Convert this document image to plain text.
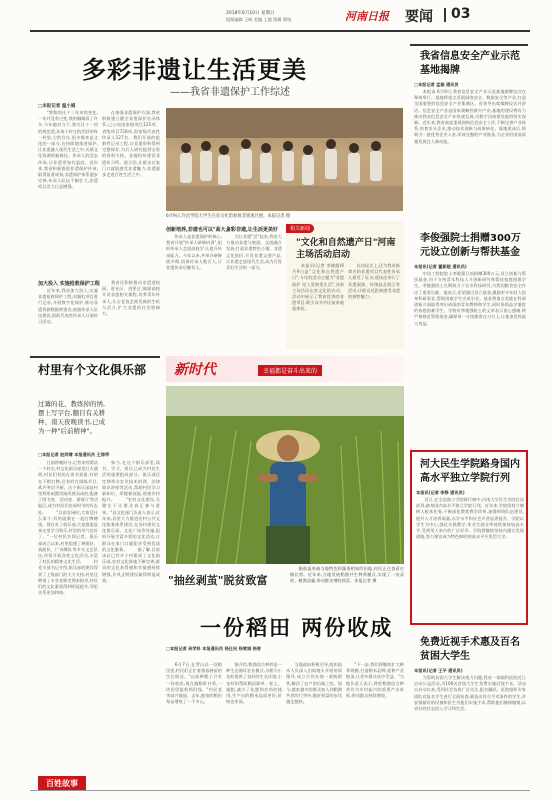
2018年6月10日 星期日
组版编辑 王萌 美编 王越 版辑 邢锐	河南日报 要闻 03
多彩非遗让生活更美
——我省非遗保护工作综述
□本报记者 温小娟
　　"我称的这十三年来的变化,一年并没有过变,我的眼睛看了许多,今年她对当下,我关注十一项的规范遗,从每个村庄的活跃的每一村里,它的存在,很多都来是文化的一部分,在持续地推进保护,让非遗融入现代生活之中,关联文化资源的新路径。传承人的活态传承,让非遗更加有温度。近年来,我省积极推进非遗保护传承,取得显著成效,非遗保护体系逐步完善,传承人队伍不断壮大,非遗项目活力日益增强。
　　在加强非遗保护方面,我省积极建立健全非遗保护名录体系,已公布国家级项目125项、省级项目728项,国家级代表性传承人127名。我们开展的抢救性记录工程,让非遗资料得到完整保存,为后人研究提供宝贵的资料支持。各地纷纷建设非遗传习所、展示馆,让群众在家门口就能感受非遗魅力,非遗逐步走进百姓生活之中。
加大投入 实施抢救保护工程
　　近年来,我省加大投入,实施非遗抢救保护工程,对濒危项目进行记录,开展数字化保护,推动非遗资源数据库建设,加强传承人队伍建设,资助代表性传承人开展传习活动。
　　我省还积极推动非遗进校园、进社区、进景区,鼓励高校开设非遗相关课程,培养青年传承人,让古老技艺焕发新的生机与活力,扩大非遗的社会影响力。
6月9日,许昌学院大学生在省文化馆参观非遗项目展。本报记者 摄
相关新闻
"文化和自然遗产日"河南主场活动启动
　　本报讯(记者 李晓露)6月9日是"文化和自然遗产日",今年的活动主题为"非遗保护 见人见物见生活",河南主场活动在省文化馆启动。活动中展示了我省优秀的非遗项目,吸引众多市民前来观看体验。
　　启动仪式上,还为我省新命名的非遗项目代表性传承人颁发了证书,现场还举行了非遗展演、传统技艺展示等活动,让群众近距离感受非遗的独特魅力。
创新培养,非遗也可以"高大上"
　　传承人是非遗保护的核心,我省开展"传承人研修培训",组织传承人走进高校学习,提升传承能力。今年以来,共举办研修班多期,培训传承人数百人,让非遗传承后继有人。
多彩非遗,让生活更美好
　　为让非遗"活"起来,我省大力推动非遗与旅游、文创融合发展,打造非遗特色小镇、非遗文化街区,开发非遗文创产品,让非遗走进现代生活,成为百姓美好生活的一部分。
我省信息安全产业示范基地揭牌
□本报记者 孟磊 通讯员
　　本报讯 6月9日,我省信息安全产业示范基地揭牌仪式在郑州举行。基地将重点发展网络安全、数据安全等产业,打造全国重要的信息安全产业集聚区。省领导出席揭牌仪式并讲话。信息安全产业是国家战略性新兴产业,基地的建设将有力推动我省信息安全产业快速发展,为数字河南建设提供坚实保障。近年来,我省高度重视网络信息安全工作,不断完善产业体系,培育龙头企业,推动技术创新与成果转化。基地建成后,将吸引一批优秀企业入驻,形成完整的产业链条,为全省经济高质量发展注入新动能。
李俊强院士捐赠300万元设立创新与帮扶基金
本报讯(记者 董新超 通讯员)
　　中国工程院院士李俊强日前捐赠300万元,设立创新与帮扶基金,用于支持青年科技人才创新研究和帮扶家庭困难学生。李俊强院士长期致力于农业科技研究,为我国粮食安全作出了重要贡献。他表示,希望通过设立基金,激励更多年轻人投身科研事业,帮助困难学生完成学业。基金将重点奖励在科研创新方面取得突出成绩的青年教师和学生,同时资助品学兼优的家庭困难学生。学校对李俊强院士的义举表示衷心感谢,将严格规范管理基金,确保每一分钱都用在刀刃上,让基金发挥最大效益。
河大民生学院路身国内高水平独立学院行列
本报讯(记者 李铮 通讯员)
　　近日,在全国独立学院排行榜中,河南大学民生学院位居前列,跻身国内高水平独立学院行列。近年来,学院坚持立德树人根本任务,不断深化教育教学改革,加强师资队伍建设,提升人才培养质量,办学水平和社会声誉显著提升。学院以学生为中心,强化实践教学,毕业生就业率持续保持较高水平,受到用人单位的广泛好评。学院将继续坚持内涵式发展道路,努力建设成为特色鲜明的高水平应用型大学。
免费近视手术惠及百名贫困大学生
本报讯(记者 王平 通讯员)
　　为帮助贫困大学生解决视力问题,我省一家眼科医院近日启动公益活动,为100名贫困大学生免费实施近视手术。活动自启动以来,受到社会各界广泛关注,报名踊跃。医院组织专家团队对报名学生进行全面检查,筛选出符合手术条件的学生,并安排最好的设备和医生为他们实施手术,帮助他们摘掉眼镜,以更好的状态投入学习和生活。
村里有个文化俱乐部
过篝的花、教练掉的绣,摆上写字台,翻目有关耕种、南天夜晚读书,已成为一种"后前精神"。
□本报记者 赵同增 本报通讯员 王涛萍
　　日前傍晚时分,记者来到滑县一个村庄,村文化俱乐部里灯火通明,村民们有的在读书看报,有的在下棋打牌,还有的在排练节目,欢声笑语不断。这个俱乐部是村里利用闲置房屋改建而成的,配备了图书室、活动室、排练厅等功能区,成为村民们农闲时节的好去处。 　　"以前农闲时,大家没什么事干,有的就聚在一起打牌赌钱。现在有了俱乐部,大家都愿意来这里学习娱乐,村里的风气也好了。"一位村民告诉记者。俱乐部成立以来,村里组建了秧歌队、戏曲队、广场舞队等多支文艺队伍,经常开展各类文化活动,丰富了村民的精神文化生活。 　　村党支部书记介绍,俱乐部的建设得到了上级部门的大力支持,村里还聘请了专业老师定期来指导,村民们的文化素质得到明显提升,邻里关系更加和谐。
　　如今,在这个俱乐部里,读书、学习、娱乐已成为村民生活的重要组成部分。俱乐部还定期举办农业技术培训、法律知识讲座等活动,帮助村民学习新知识、掌握新技能,助推乡村振兴。 　　"农村文化建设,关键在于让群众真正参与进来。"县文化部门负责人表示,近年来,县里大力推进农村公共文化服务体系建设,在各村建设文化俱乐部、文化广场等设施,组织开展丰富多彩的文化活动,让群众在家门口就能享受到优质的文化服务。 　　据了解,目前该县已有多个村建成了文化俱乐部,农村文化阵地不断完善,群众的文化获得感和幸福感持续增强,乡风文明建设取得明显成效。
新时代	幸福都是奋斗出来的
"抽丝剥茧"脱贫致富
　　眼前温泉被当地特色和蔬果相知的田地,村民正在查看庄稼长势。近年来,当地发展稻渔共生种养模式,实现了一田双收、粮渔双赢,带动群众增收致富。本报记者 摄
一份稻田 两份收成
□本报记者 吴学科 本报通讯员 杨仕民 杨雪娟 杨晋
　　6月7日,在罗山县一处稻田里,村民们正忙着查看秧苗的生长情况。"以前种稻子只有一份收成,现在搞稻虾共养,一块田里能收两份钱。"村民老李高兴地说。去年,他家的稻田每亩增收了一千多元。
　　据介绍,稻渔综合种养是一种生态循环农业模式,水稻为小龙虾提供了良好的生长环境,小龙虾则帮助稻田除草、松土、施肥,减少了化肥和农药的使用,生产出的稻米品质更好,价格也更高。
　　当地政府积极引导,组织技术人员深入田间地头开展培训指导,成立合作社统一收购销售,解决了农户的后顾之忧。如今,越来越多的群众加入到稻渔共养的行列中,脱贫致富的步伐越走越快。
　　"下一步,我们将继续扩大种养规模,打造稻米品牌,延伸产业链条,让更多群众从中受益。"当地负责人表示,将把稻渔综合种养作为乡村振兴的重要产业来抓,带动群众持续增收。
百姓故事
